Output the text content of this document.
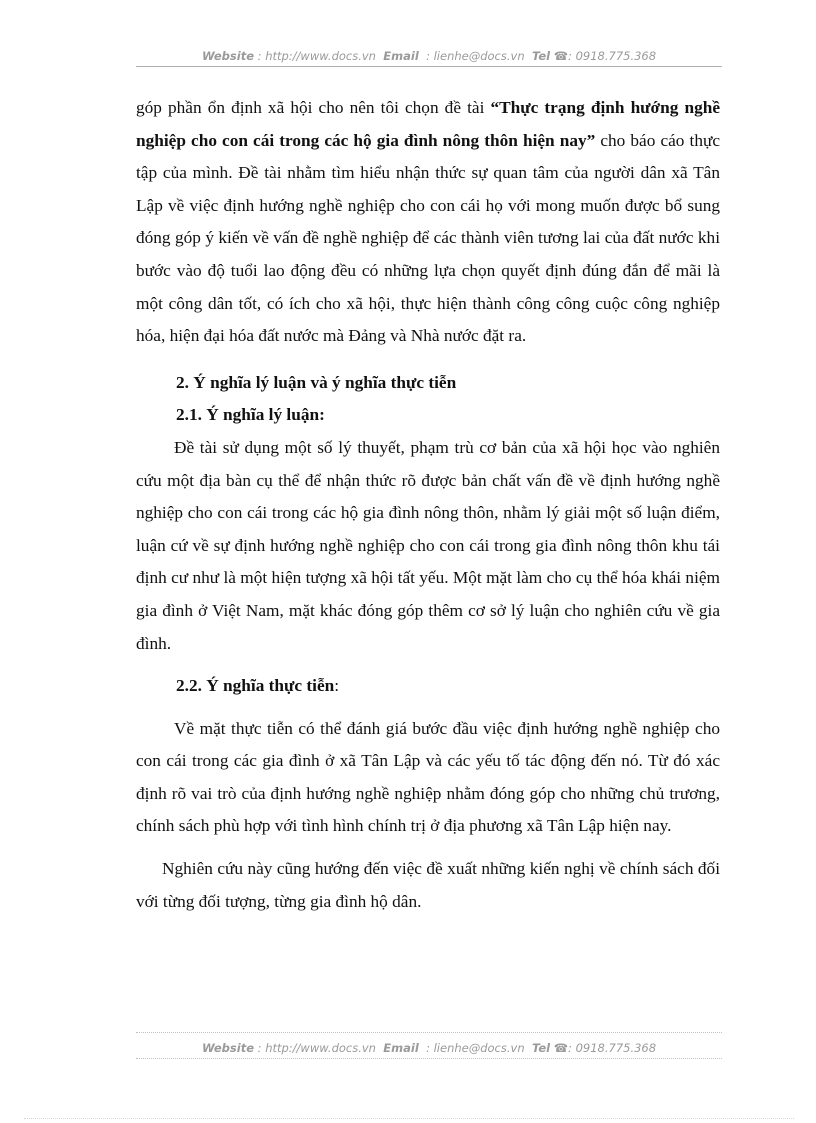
Website : http://www.docs.vn Email : lienhe@docs.vn Tel ☎: 0918.775.368

góp phần ổn định xã hội cho nên tôi chọn đề tài “Thực trạng định hướng nghề nghiệp cho con cái trong các hộ gia đình nông thôn hiện nay” cho báo cáo thực tập của mình. Đề tài nhằm tìm hiểu nhận thức sự quan tâm của người dân xã Tân Lập về việc định hướng nghề nghiệp cho con cái họ với mong muốn được bổ sung đóng góp ý kiến về vấn đề nghề nghiệp để các thành viên tương lai của đất nước khi bước vào độ tuổi lao động đều có những lựa chọn quyết định đúng đắn để mãi là một công dân tốt, có ích cho xã hội, thực hiện thành công công cuộc công nghiệp hóa, hiện đại hóa đất nước mà Đảng và Nhà nước đặt ra.

2. Ý nghĩa lý luận và ý nghĩa thực tiễn

2.1. Ý nghĩa lý luận:

Đề tài sử dụng một số lý thuyết, phạm trù cơ bản của xã hội học vào nghiên cứu một địa bàn cụ thể để nhận thức rõ được bản chất vấn đề về định hướng nghề nghiệp cho con cái trong các hộ gia đình nông thôn, nhằm lý giải một số luận điểm, luận cứ về sự định hướng nghề nghiệp cho con cái trong gia đình nông thôn khu tái định cư như là một hiện tượng xã hội tất yếu. Một mặt làm cho cụ thể hóa khái niệm gia đình ở Việt Nam, mặt khác đóng góp thêm cơ sở lý luận cho nghiên cứu về gia đình.

2.2. Ý nghĩa thực tiễn:

Về mặt thực tiễn có thể đánh giá bước đầu việc định hướng nghề nghiệp cho con cái trong các gia đình ở xã Tân Lập và các yếu tố tác động đến nó. Từ đó xác định rõ vai trò của định hướng nghề nghiệp nhằm đóng góp cho những chủ trương, chính sách phù hợp với tình hình chính trị ở địa phương xã Tân Lập hiện nay.

Nghiên cứu này cũng hướng đến việc đề xuất những kiến nghị về chính sách đối với từng đối tượng, từng gia đình hộ dân.

Website : http://www.docs.vn Email : lienhe@docs.vn Tel ☎: 0918.775.368
